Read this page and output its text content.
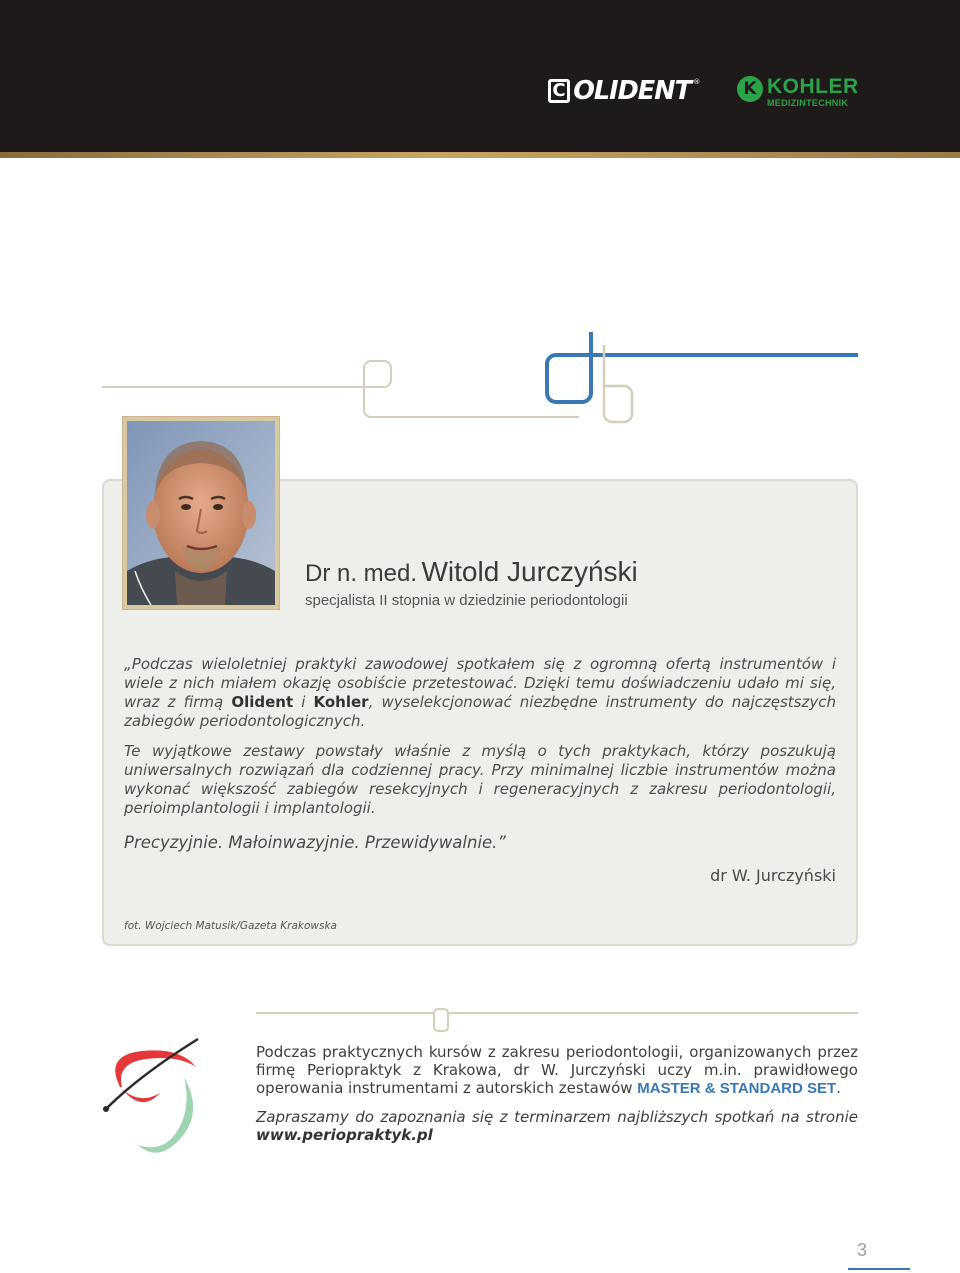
C OLIDENT ®	K KOHLER
MEDIZINTECHNIK
Dr n. med. Witold Jurczyński
specjalista II stopnia w dziedzinie periodontologii

„Podczas wieloletniej praktyki zawodowej spotkałem się z ogromną ofertą instrumentów i wiele z nich miałem okazję osobiście przetestować. Dzięki temu doświadczeniu udało mi się, wraz z firmą Olident i Kohler, wyselekcjonować niezbędne instrumenty do najczęstszych zabiegów periodontologicznych.

Te wyjątkowe zestawy powstały właśnie z myślą o tych praktykach, którzy poszukują uniwersalnych rozwiązań dla codziennej pracy. Przy minimalnej liczbie instrumentów można wykonać większość zabiegów resekcyjnych i regeneracyjnych z zakresu periodontologii, perioimplantologii i implantologii.

Precyzyjnie. Małoinwazyjnie. Przewidywalnie.”

dr W. Jurczyński
fot. Wojciech Matusik/Gazeta Krakowska

Podczas praktycznych kursów z zakresu periodontologii, organizowanych przez firmę Periopraktyk z Krakowa, dr W. Jurczyński uczy m.in. prawidłowego operowania instrumentami z autorskich zestawów MASTER & STANDARD SET.

Zapraszamy do zapoznania się z terminarzem najbliższych spotkań na stronie www.periopraktyk.pl

3
